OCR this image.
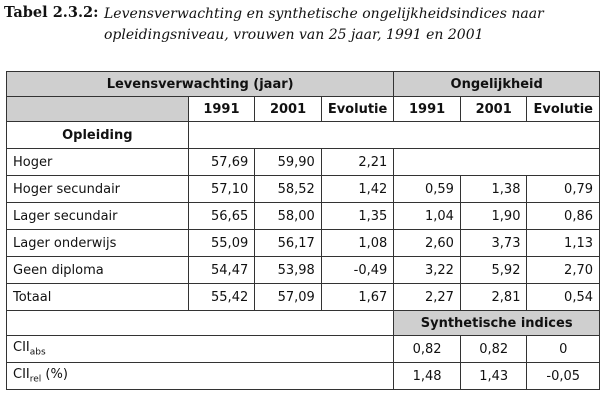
Tabel 2.3.2: Levensverwachting en synthetische ongelijkheidsindices naar
opleidingsniveau, vrouwen van 25 jaar, 1991 en 2001
Levensverwachting (jaar)				Ongelijkheid		
	1991	2001	Evolutie	1991	2001	Evolutie
Opleiding						
Hoger	57,69	59,90	2,21			
Hoger secundair	57,10	58,52	1,42	0,59	1,38	0,79
Lager secundair	56,65	58,00	1,35	1,04	1,90	0,86
Lager onderwijs	55,09	56,17	1,08	2,60	3,73	1,13
Geen diploma	54,47	53,98	-0,49	3,22	5,92	2,70
Totaal	55,42	57,09	1,67	2,27	2,81	0,54
				Synthetische indices		
$CII_{abs}$				0,82	0,82	0
$CII_{rel}$ (%)				1,48	1,43	-0,05
